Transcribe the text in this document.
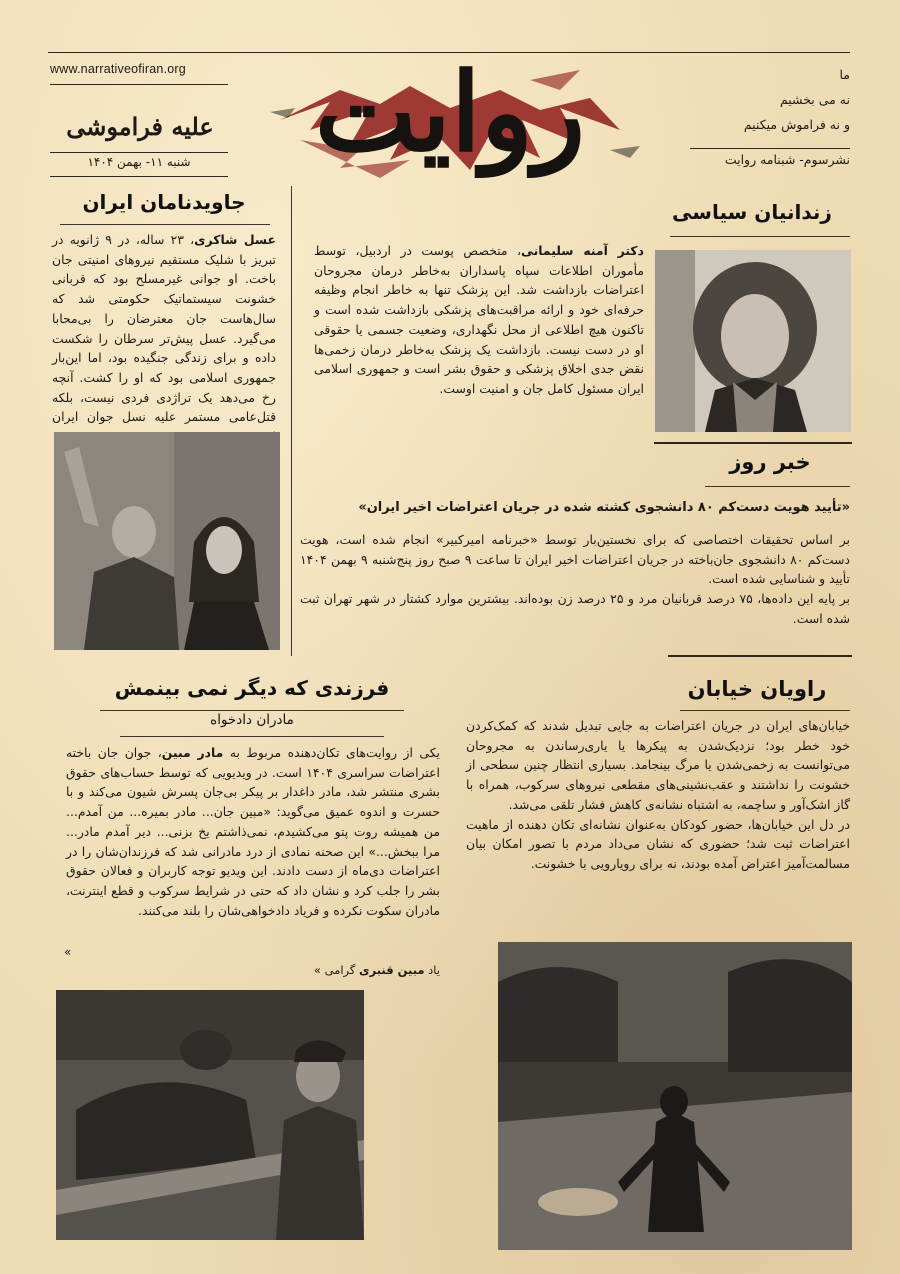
www.narrativeofiran.org
علیه فراموشی
شنبه ۱۱- بهمن ۱۴۰۴	روایت	ما
نه می بخشیم
و نه فراموش میکنیم
نشرسوم- شبنامه روایت
جاویدنامان ایران
عسل شاکری، ۲۳ ساله، در ۹ ژانویه در تبریز با شلیک مستقیم نیروهای امنیتی جان باخت. او جوانی غیرمسلح بود که قربانی خشونت سیستماتیک حکومتی شد که سال‌هاست جان معترضان را بی‌محابا می‌گیرد. عسل پیش‌تر سرطان را شکست داده و برای زندگی جنگیده بود، اما این‌بار جمهوری اسلامی بود که او را کشت. آنچه رخ می‌دهد یک تراژدی فردی نیست، بلکه قتل‌عامی مستمر علیه نسل جوان ایران
زندانیان سیاسی
دکتر آمنه سلیمانی، متخصص پوست در اردبیل، توسط مأموران اطلاعات سپاه پاسداران به‌خاطر درمان مجروحان اعتراضات بازداشت شد. این پزشک تنها به خاطر انجام وظیفه حرفه‌ای خود و ارائه مراقبت‌های پزشکی بازداشت شده است و تاکنون هیچ اطلاعی از محل نگهداری، وضعیت جسمی یا حقوقی او در دست نیست. بازداشت یک پزشک به‌خاطر درمان زخمی‌ها نقض جدی اخلاق پزشکی و حقوق بشر است و جمهوری اسلامی ایران مسئول کامل جان و امنیت اوست.
خبر روز
«تأیید هویت دست‌کم ۸۰ دانشجوی کشته شده در جریان اعتراضات اخیر ایران»
بر اساس تحقیقات اختصاصی که برای نخستین‌بار توسط «خبرنامه امیرکبیر» انجام شده است، هویت دست‌کم ۸۰ دانشجوی جان‌باخته در جریان اعتراضات اخیر ایران تا ساعت ۹ صبح روز پنج‌شنبه ۹ بهمن ۱۴۰۴ تأیید و شناسایی شده است.
بر پایه این داده‌ها، ۷۵ درصد قربانیان مرد و ۲۵ درصد زن بوده‌اند. بیشترین موارد کشتار در شهر تهران ثبت شده است.
فرزندی که دیگر نمی بینمش
مادران دادخواه
یکی از روایت‌های تکان‌دهنده مربوط به مادر مبین، جوان جان باخته اعتراضات سراسری ۱۴۰۴ است. در ویدیویی که توسط حساب‌های حقوق بشری منتشر شد، مادر داغدار بر پیکر بی‌جان پسرش شیون می‌کند و با حسرت و اندوه عمیق می‌گوید: «مبین جان... مادر بمیره... من آمدم... من همیشه روت پتو می‌کشیدم، نمی‌ذاشتم یخ بزنی... دیر آمدم مادر... مرا ببخش...» این صحنه نمادی از درد مادرانی شد که فرزندان‌شان را در اعتراضات دی‌ماه از دست دادند. این ویدیو توجه کاربران و فعالان حقوق بشر را جلب کرد و نشان داد که حتی در شرایط سرکوب و قطع اینترنت، مادران سکوت نکرده و فریاد دادخواهی‌شان را بلند می‌کنند.
«
یاد مبین قنبری گرامی »
راویان خیابان
خیابان‌های ایران در جریان اعتراضات به جایی تبدیل شدند که کمک‌کردن خود خطر بود؛ نزدیک‌شدن به پیکرها یا یاری‌رساندن به مجروحان می‌توانست به زخمی‌شدن یا مرگ بینجامد. بسیاری انتظار چنین سطحی از خشونت را نداشتند و عقب‌نشینی‌های مقطعی نیروهای سرکوب، همراه با گاز اشک‌آور و ساچمه، به اشتباه نشانه‌ی کاهش فشار تلقی می‌شد.
در دل این خیابان‌ها، حضور کودکان به‌عنوان نشانه‌ای تکان دهنده از ماهیت اعتراضات ثبت شد؛ حضوری که نشان می‌داد مردم با تصور امکان بیان مسالمت‌آمیز اعتراض آمده بودند، نه برای رویارویی با خشونت.
